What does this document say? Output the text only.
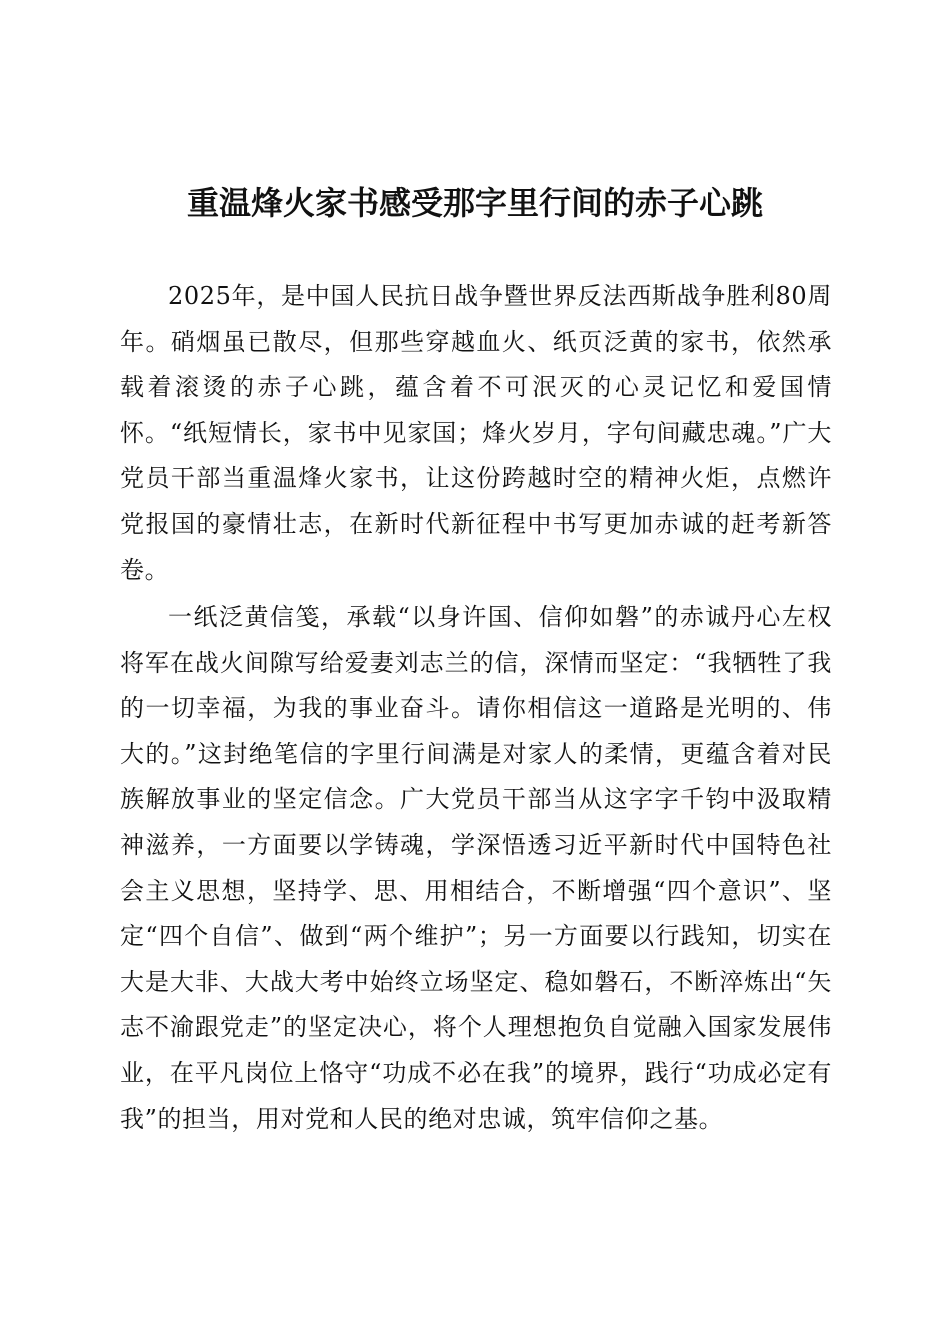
重温烽火家书感受那字里行间的赤子心跳

2025年，是中国人民抗日战争暨世界反法西斯战争胜利80周年。硝烟虽已散尽，但那些穿越血火、纸页泛黄的家书，依然承载着滚烫的赤子心跳，蕴含着不可泯灭的心灵记忆和爱国情怀。“纸短情长，家书中见家国；烽火岁月，字句间藏忠魂。”广大党员干部当重温烽火家书，让这份跨越时空的精神火炬，点燃许党报国的豪情壮志，在新时代新征程中书写更加赤诚的赶考新答卷。

一纸泛黄信笺，承载“以身许国、信仰如磐”的赤诚丹心左权将军在战火间隙写给爱妻刘志兰的信，深情而坚定：“我牺牲了我的一切幸福，为我的事业奋斗。请你相信这一道路是光明的、伟大的。”这封绝笔信的字里行间满是对家人的柔情，更蕴含着对民族解放事业的坚定信念。广大党员干部当从这字字千钧中汲取精神滋养，一方面要以学铸魂，学深悟透习近平新时代中国特色社会主义思想，坚持学、思、用相结合，不断增强“四个意识”、坚定“四个自信”、做到“两个维护”；另一方面要以行践知，切实在大是大非、大战大考中始终立场坚定、稳如磐石，不断淬炼出“矢志不渝跟党走”的坚定决心，将个人理想抱负自觉融入国家发展伟业，在平凡岗位上恪守“功成不必在我”的境界，践行“功成必定有我”的担当，用对党和人民的绝对忠诚，筑牢信仰之基。
